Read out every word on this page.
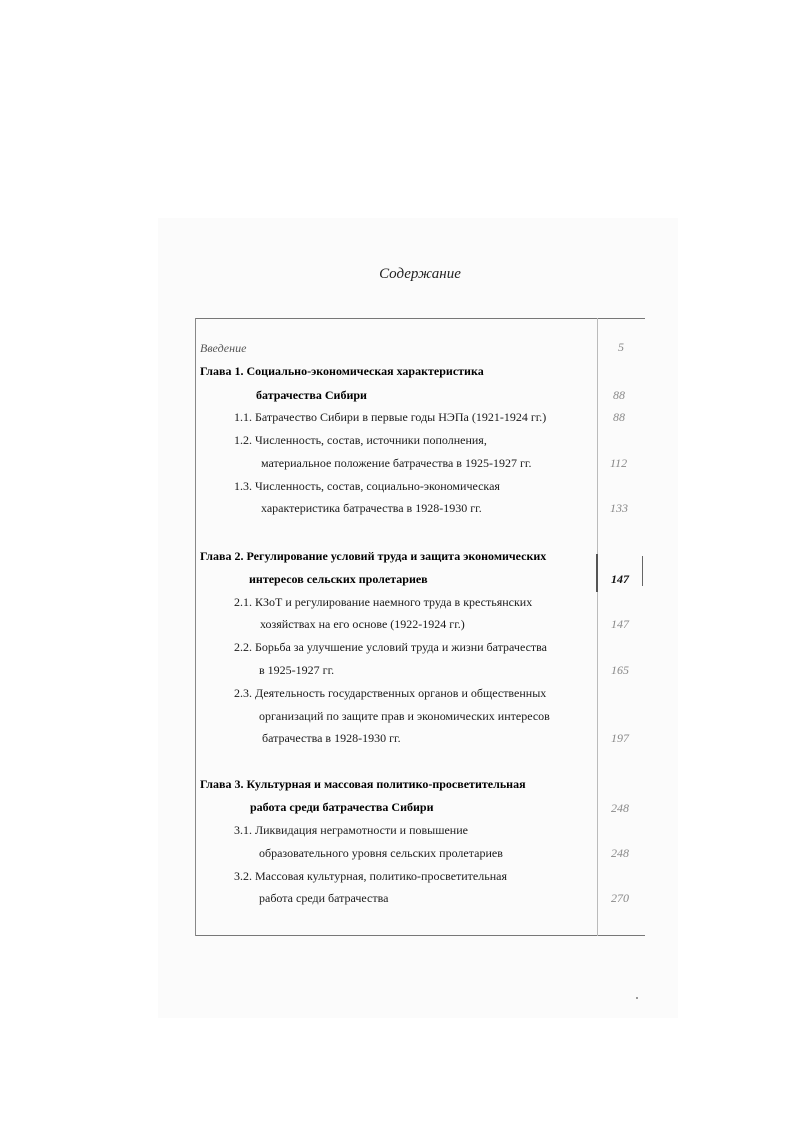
Содержание
Введение	5
Глава 1. Социально-экономическая характеристика
батрачества Сибири	88
1.1. Батрачество Сибири в первые годы НЭПа (1921-1924 гг.)	88
1.2. Численность, состав, источники пополнения,
материальное положение батрачества в 1925-1927 гг.	112
1.3. Численность, состав, социально-экономическая
характеристика батрачества в 1928-1930 гг.	133
Глава 2. Регулирование условий труда и защита экономических
интересов сельских пролетариев	147
2.1. КЗоТ и регулирование наемного труда в крестьянских
хозяйствах на его основе (1922-1924 гг.)	147
2.2. Борьба за улучшение условий труда и жизни батрачества
в 1925-1927 гг.	165
2.3. Деятельность государственных органов и общественных
организаций по защите прав и экономических интересов
батрачества в 1928-1930 гг.	197
Глава 3. Культурная и массовая политико-просветительная
работа среди батрачества Сибири	248
3.1. Ликвидация неграмотности и повышение
образовательного уровня сельских пролетариев	248
3.2. Массовая культурная, политико-просветительная
работа среди батрачества	270
